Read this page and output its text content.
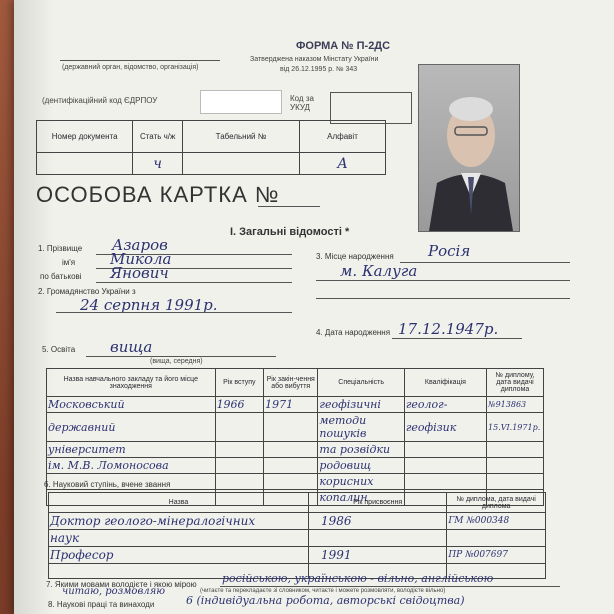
ФОРМА № П-2ДС
Затверджена наказом Мінстату України
від 26.12.1995 р. № 343
(державний орган, відомство, організація)
(дентифікаційний код ЄДРПОУ	Код за УКУД
Номер документа	Стать ч/ж	Табельний №	Алфавіт
	ч		А
ОСОБОВА КАРТКА №
I. Загальні відомості *
1. Прізвище Азаров
ім'я Микола
по батькові Янович
2. Громадянство України з
24 серпня 1991р.
3. Місце народження Росія
м. Калуга
4. Дата народження 17.12.1947р.
5. Освіта вища
(вища, середня)
Назва навчального закладу та його місце знаходження	Рік вступу	Рік закін-чення або вибуття	Спеціальність	Кваліфікація	№ диплому, дата видачі диплома
Московський	1966	1971	геофізичні	геолог-	№913863
державний			методи пошуків	геофізик	15.VI.1971р.
університет			та розвідки		
ім. М.В. Ломоносова			родовищ		
			корисних		
			копалин		
6. Науковий ступінь, вчене звання
Назва	Рік присвоєння	№ диплома, дата видачі диплома
Доктор геолого-мінералогічних	1986	ГМ №000348
наук		
Професор	1991	ПР №007697

7. Якими мовами володієте і якою мірою російською, українською - вільно, англійською
читаю, розмовляю	(читаєте та перекладаєте зі словником, читаєте і можете розмовляти, володієте вільно)
8. Наукові праці та винаходи	6 (індивідуальна робота, авторські свідоцтва)
